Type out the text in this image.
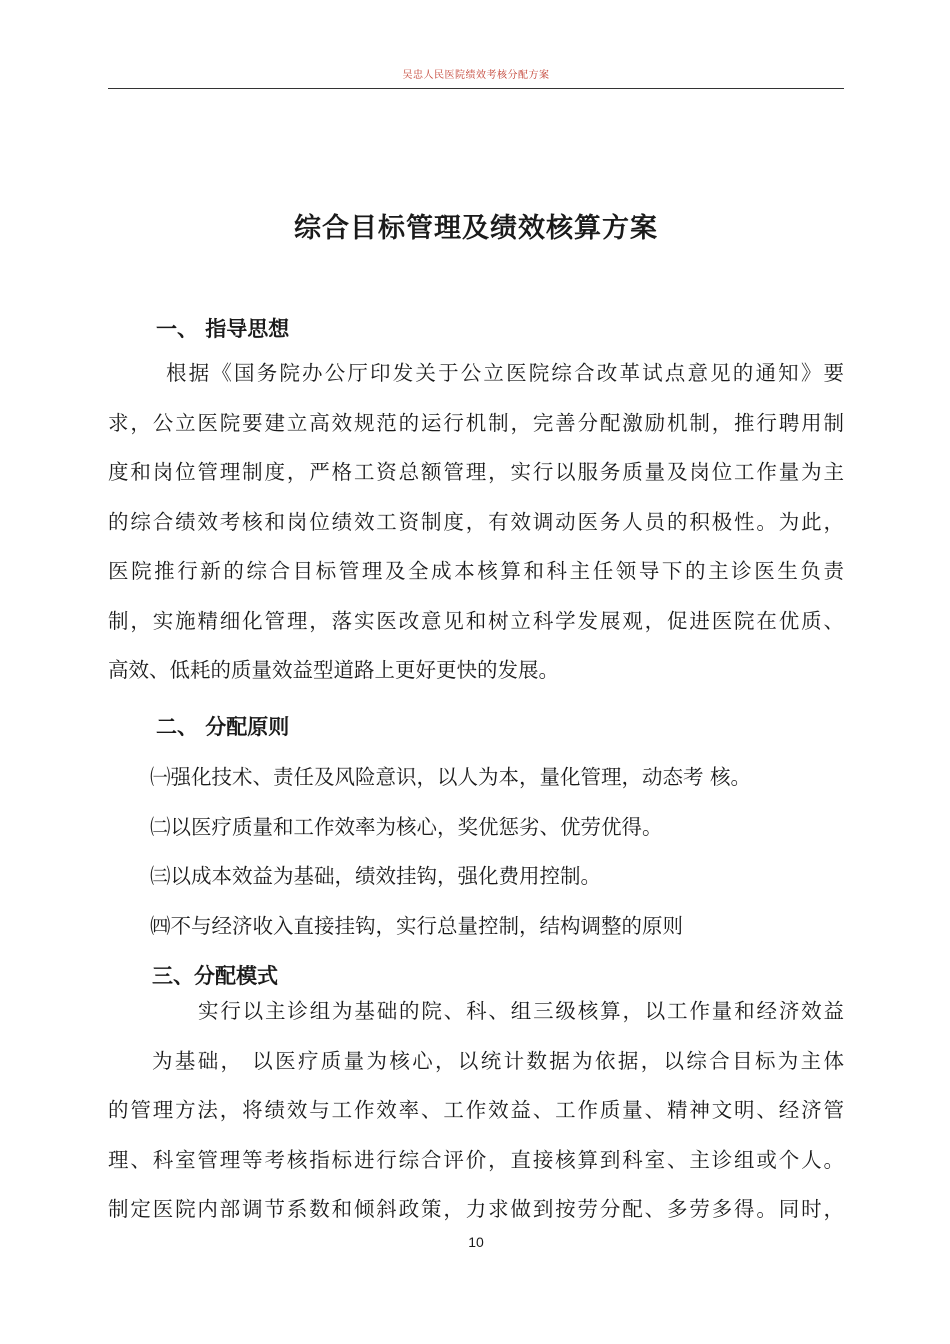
吴忠人民医院绩效考核分配方案
综合目标管理及绩效核算方案
一、 指导思想
根据《国务院办公厅印发关于公立医院综合改革试点意见的通知》要
求，公立医院要建立高效规范的运行机制，完善分配激励机制，推行聘用制
度和岗位管理制度，严格工资总额管理，实行以服务质量及岗位工作量为主
的综合绩效考核和岗位绩效工资制度，有效调动医务人员的积极性。为此，
医院推行新的综合目标管理及全成本核算和科主任领导下的主诊医生负责
制，实施精细化管理，落实医改意见和树立科学发展观，促进医院在优质、
高效、低耗的质量效益型道路上更好更快的发展。
二、 分配原则
㈠强化技术、责任及风险意识，以人为本，量化管理，动态考 核。
㈡以医疗质量和工作效率为核心，奖优惩劣、优劳优得。
㈢以成本效益为基础，绩效挂钩，强化费用控制。
㈣不与经济收入直接挂钩，实行总量控制，结构调整的原则
三、分配模式
实行以主诊组为基础的院、科、组三级核算，以工作量和经济效益
为基础， 以医疗质量为核心，以统计数据为依据，以综合目标为主体
的管理方法，将绩效与工作效率、工作效益、工作质量、精神文明、经济管
理、科室管理等考核指标进行综合评价，直接核算到科室、主诊组或个人。
制定医院内部调节系数和倾斜政策，力求做到按劳分配、多劳多得。同时，
10
